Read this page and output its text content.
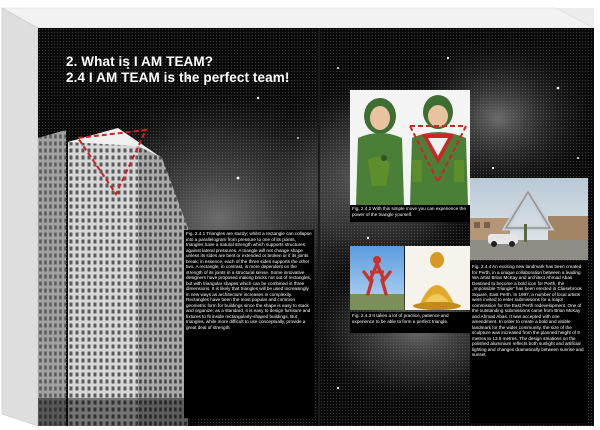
2. What is I AM TEAM?
2.4 I AM TEAM is the perfect team!
Fig. 2.4.1 Triangles are sturdy; whilst a rectangle can collapse into a parallelogram from pressure to one of its points, triangles have a natural strength which supports structures against lateral pressures. A triangle will not change shape unless its sides are bent or extended or broken or if its joints break; in essence, each of the three sides supports the other two. A rectangle, in contrast, is more dependent on the strength of its joints in a structural sense. Some innovative designers have proposed making bricks not out of rectangles, but with triangular shapes which can be combined in three dimensions. It is likely that triangles will be used increasingly in new ways as architecture increases in complexity. Rectangles have been the most popular and common geometric form for buildings since the shape is easy to stack and organize; as a standard, it is easy to design furniture and fixtures to fit inside rectangularly-shaped buildings. But triangles, while more difficult to use conceptually, provide a great deal of strength.
Fig. 2.4.2 With this simple move you can experience the power of the triangle yourself.
Fig. 2.4.3 It takes a lot of practice, patience and experience to be able to form a perfect triangle.
Fig. 2.4.4 An exciting new landmark has been created for Perth, in a unique collaboration between a leading WA artist Brian McKay and architect Ahmad Abas. Destined to become a bold icon for Perth, the „Impossible Triangle“ has been erected in Claisebrook Square, East Perth. In 1997, a number of local artists were invited to enter submissions for a major commission for the East Perth redevelopment. One of the outstanding submissions came from Brian McKay and Ahmad Abas. It was accepted with one amendment. In order to create a bold and visible landmark for the wider community, the size of the sculpture was increased from the planned height of 9 metres to 13.5 metres. The design striations on the polished aluminium reflects both sunlight and artificial lighting and changes dramatically between sunrise and sunset.
